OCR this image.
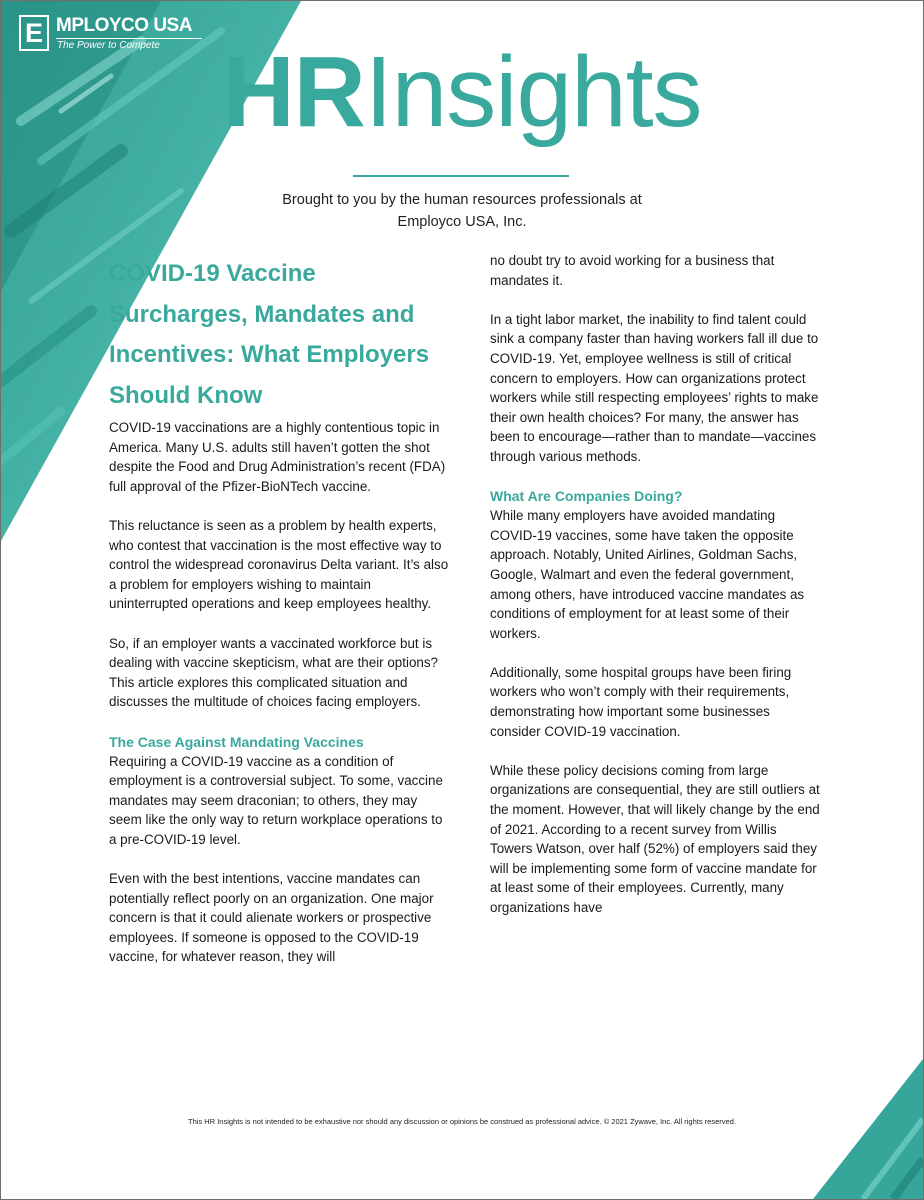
E MPLOYCO USA
The Power to Compete HRInsights
Brought to you by the human resources professionals at
Employco USA, Inc.
COVID-19 Vaccine Surcharges, Mandates and Incentives: What Employers Should Know

COVID-19 vaccinations are a highly contentious topic in America. Many U.S. adults still haven’t gotten the shot despite the Food and Drug Administration’s recent (FDA) full approval of the Pfizer-BioNTech vaccine.

This reluctance is seen as a problem by health experts, who contest that vaccination is the most effective way to control the widespread coronavirus Delta variant. It’s also a problem for employers wishing to maintain uninterrupted operations and keep employees healthy.

So, if an employer wants a vaccinated workforce but is dealing with vaccine skepticism, what are their options? This article explores this complicated situation and discusses the multitude of choices facing employers.

The Case Against Mandating Vaccines

Requiring a COVID-19 vaccine as a condition of employment is a controversial subject. To some, vaccine mandates may seem draconian; to others, they may seem like the only way to return workplace operations to a pre-COVID-19 level.

Even with the best intentions, vaccine mandates can potentially reflect poorly on an organization. One major concern is that it could alienate workers or prospective employees. If someone is opposed to the COVID-19 vaccine, for whatever reason, they will

no doubt try to avoid working for a business that mandates it.

In a tight labor market, the inability to find talent could sink a company faster than having workers fall ill due to COVID-19. Yet, employee wellness is still of critical concern to employers. How can organizations protect workers while still respecting employees’ rights to make their own health choices? For many, the answer has been to encourage—rather than to mandate—vaccines through various methods.

What Are Companies Doing?

While many employers have avoided mandating COVID-19 vaccines, some have taken the opposite approach. Notably, United Airlines, Goldman Sachs, Google, Walmart and even the federal government, among others, have introduced vaccine mandates as conditions of employment for at least some of their workers.

Additionally, some hospital groups have been firing workers who won’t comply with their requirements, demonstrating how important some businesses consider COVID-19 vaccination.

While these policy decisions coming from large organizations are consequential, they are still outliers at the moment. However, that will likely change by the end of 2021. According to a recent survey from Willis Towers Watson, over half (52%) of employers said they will be implementing some form of vaccine mandate for at least some of their employees. Currently, many organizations have

This HR Insights is not intended to be exhaustive nor should any discussion or opinions be construed as professional advice. © 2021 Zywave, Inc. All rights reserved.
